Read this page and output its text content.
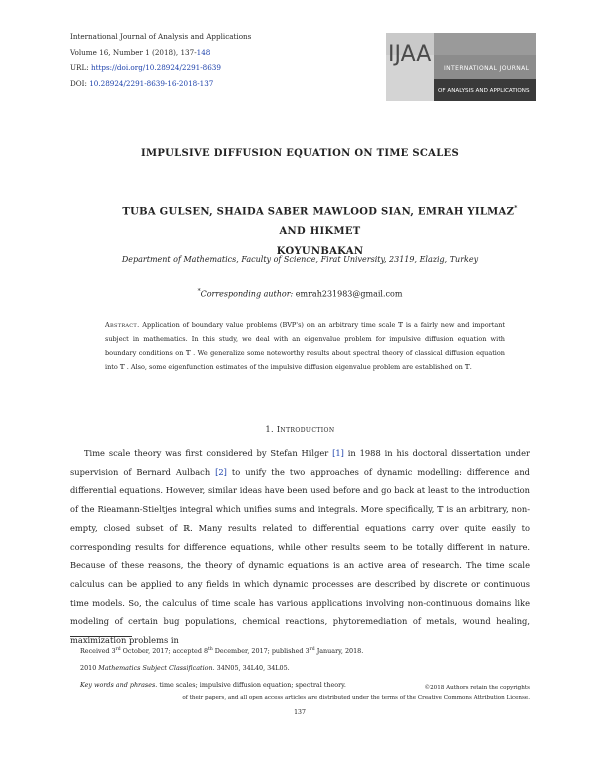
International Journal of Analysis and Applications
Volume 16, Number 1 (2018), 137-148
URL: https://doi.org/10.28924/2291-8639
DOI: 10.28924/2291-8639-16-2018-137
IJAA
INTERNATIONAL JOURNAL
OF ANALYSIS AND APPLICATIONS
IMPULSIVE DIFFUSION EQUATION ON TIME SCALES
TUBA GULSEN, SHAIDA SABER MAWLOOD SIAN, EMRAH YILMAZ* AND HIKMET
KOYUNBAKAN
Department of Mathematics, Faculty of Science, Firat University, 23119, Elazig, Turkey
*Corresponding author: emrah231983@gmail.com
Abstract. Application of boundary value problems (BVP's) on an arbitrary time scale 𝕋 is a fairly new and important subject in mathematics. In this study, we deal with an eigenvalue problem for impulsive diffusion equation with boundary conditions on 𝕋 . We generalize some noteworthy results about spectral theory of classical diffusion equation into 𝕋 . Also, some eigenfunction estimates of the impulsive diffusion eigenvalue problem are established on 𝕋.
1. Introduction
Time scale theory was first considered by Stefan Hilger [1] in 1988 in his doctoral dissertation under supervision of Bernard Aulbach [2] to unify the two approaches of dynamic modelling: difference and differential equations. However, similar ideas have been used before and go back at least to the introduction of the Rieamann-Stieltjes integral which unifies sums and integrals. More specifically, 𝕋 is an arbitrary, non-empty, closed subset of ℝ. Many results related to differential equations carry over quite easily to corresponding results for difference equations, while other results seem to be totally different in nature. Because of these reasons, the theory of dynamic equations is an active area of research. The time scale calculus can be applied to any fields in which dynamic processes are described by discrete or continuous time models. So, the calculus of time scale has various applications involving non-continuous domains like modeling of certain bug populations, chemical reactions, phytoremediation of metals, wound healing, maximization problems in
Received 3rd October, 2017; accepted 8th December, 2017; published 3rd January, 2018.
2010 Mathematics Subject Classification. 34N05, 34L40, 34L05.
Key words and phrases. time scales; impulsive diffusion equation; spectral theory.	©2018 Authors retain the copyrights
of their papers, and all open access articles are distributed under the terms of the Creative Commons Attribution License.
137
